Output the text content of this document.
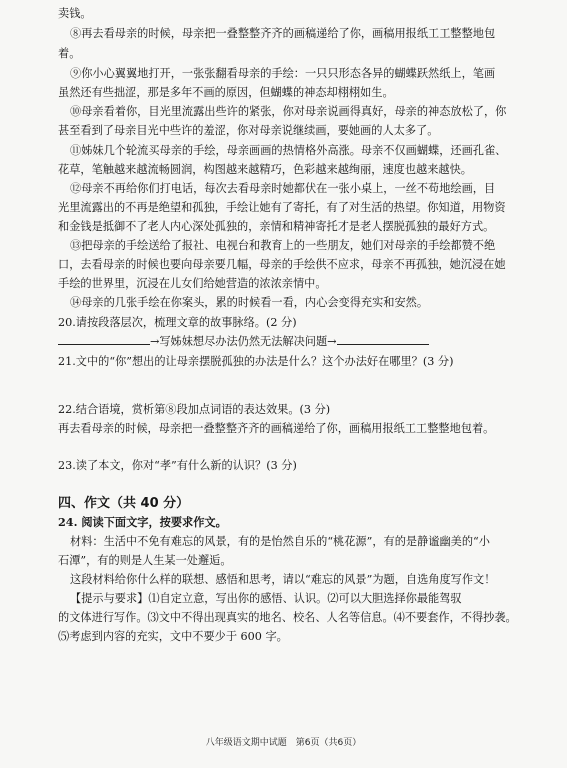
卖钱。
⑧再去看母亲的时候，母亲把一叠整整齐齐的画稿递给了你，画稿用报纸工工整整地包
着。
⑨你小心翼翼地打开，一张张翻看母亲的手绘：一只只形态各异的蝴蝶跃然纸上，笔画
虽然还有些拙涩，那是多年不画的原因，但蝴蝶的神态却栩栩如生。
⑩母亲看着你，目光里流露出些许的紧张，你对母亲说画得真好，母亲的神态放松了，你
甚至看到了母亲目光中些许的羞涩，你对母亲说继续画，要她画的人太多了。
⑪姊妹几个轮流买母亲的手绘，母亲画画的热情格外高涨。母亲不仅画蝴蝶，还画孔雀、
花草，笔触越来越流畅圆润，构图越来越精巧，色彩越来越绚丽，速度也越来越快。
⑫母亲不再给你们打电话，每次去看母亲时她都伏在一张小桌上，一丝不苟地绘画，目
光里流露出的不再是绝望和孤独，手绘让她有了寄托，有了对生活的热望。你知道，用物资
和金钱是抵御不了老人内心深处孤独的，亲情和精神寄托才是老人摆脱孤独的最好方式。
⑬把母亲的手绘送给了报社、电视台和教育上的一些朋友，她们对母亲的手绘都赞不绝
口，去看母亲的时候也要向母亲要几幅，母亲的手绘供不应求，母亲不再孤独，她沉浸在她
手绘的世界里，沉浸在儿女们给她营造的浓浓亲情中。
⑭母亲的几张手绘在你案头，累的时候看一看，内心会变得充实和安然。
20.请按段落层次，梳理文章的故事脉络。(2 分)
→写姊妹想尽办法仍然无法解决问题→
21.文中的“你”想出的让母亲摆脱孤独的办法是什么？这个办法好在哪里？(3 分)
22.结合语境，赏析第⑧段加点词语的表达效果。(3 分)
再去看母亲的时候，母亲把一叠整整齐齐的画稿递给了你，画稿用报纸工工整整地包着。
23.读了本文，你对“孝”有什么新的认识？(3 分)
四、作文（共 40 分）
24. 阅读下面文字，按要求作文。
材料：生活中不免有难忘的风景，有的是怡然自乐的“桃花源”，有的是静谧幽美的“小
石潭”，有的则是人生某一处邂逅。
这段材料给你什么样的联想、感悟和思考，请以“难忘的风景”为题，自选角度写作文！
【提示与要求】⑴自定立意，写出你的感悟、认识。⑵可以大胆选择你最能驾驭
的文体进行写作。⑶文中不得出现真实的地名、校名、人名等信息。⑷不要套作，不得抄袭。
⑸考虑到内容的充实，文中不要少于 600 字。
八年级语文期中试题　第6页（共6页）
